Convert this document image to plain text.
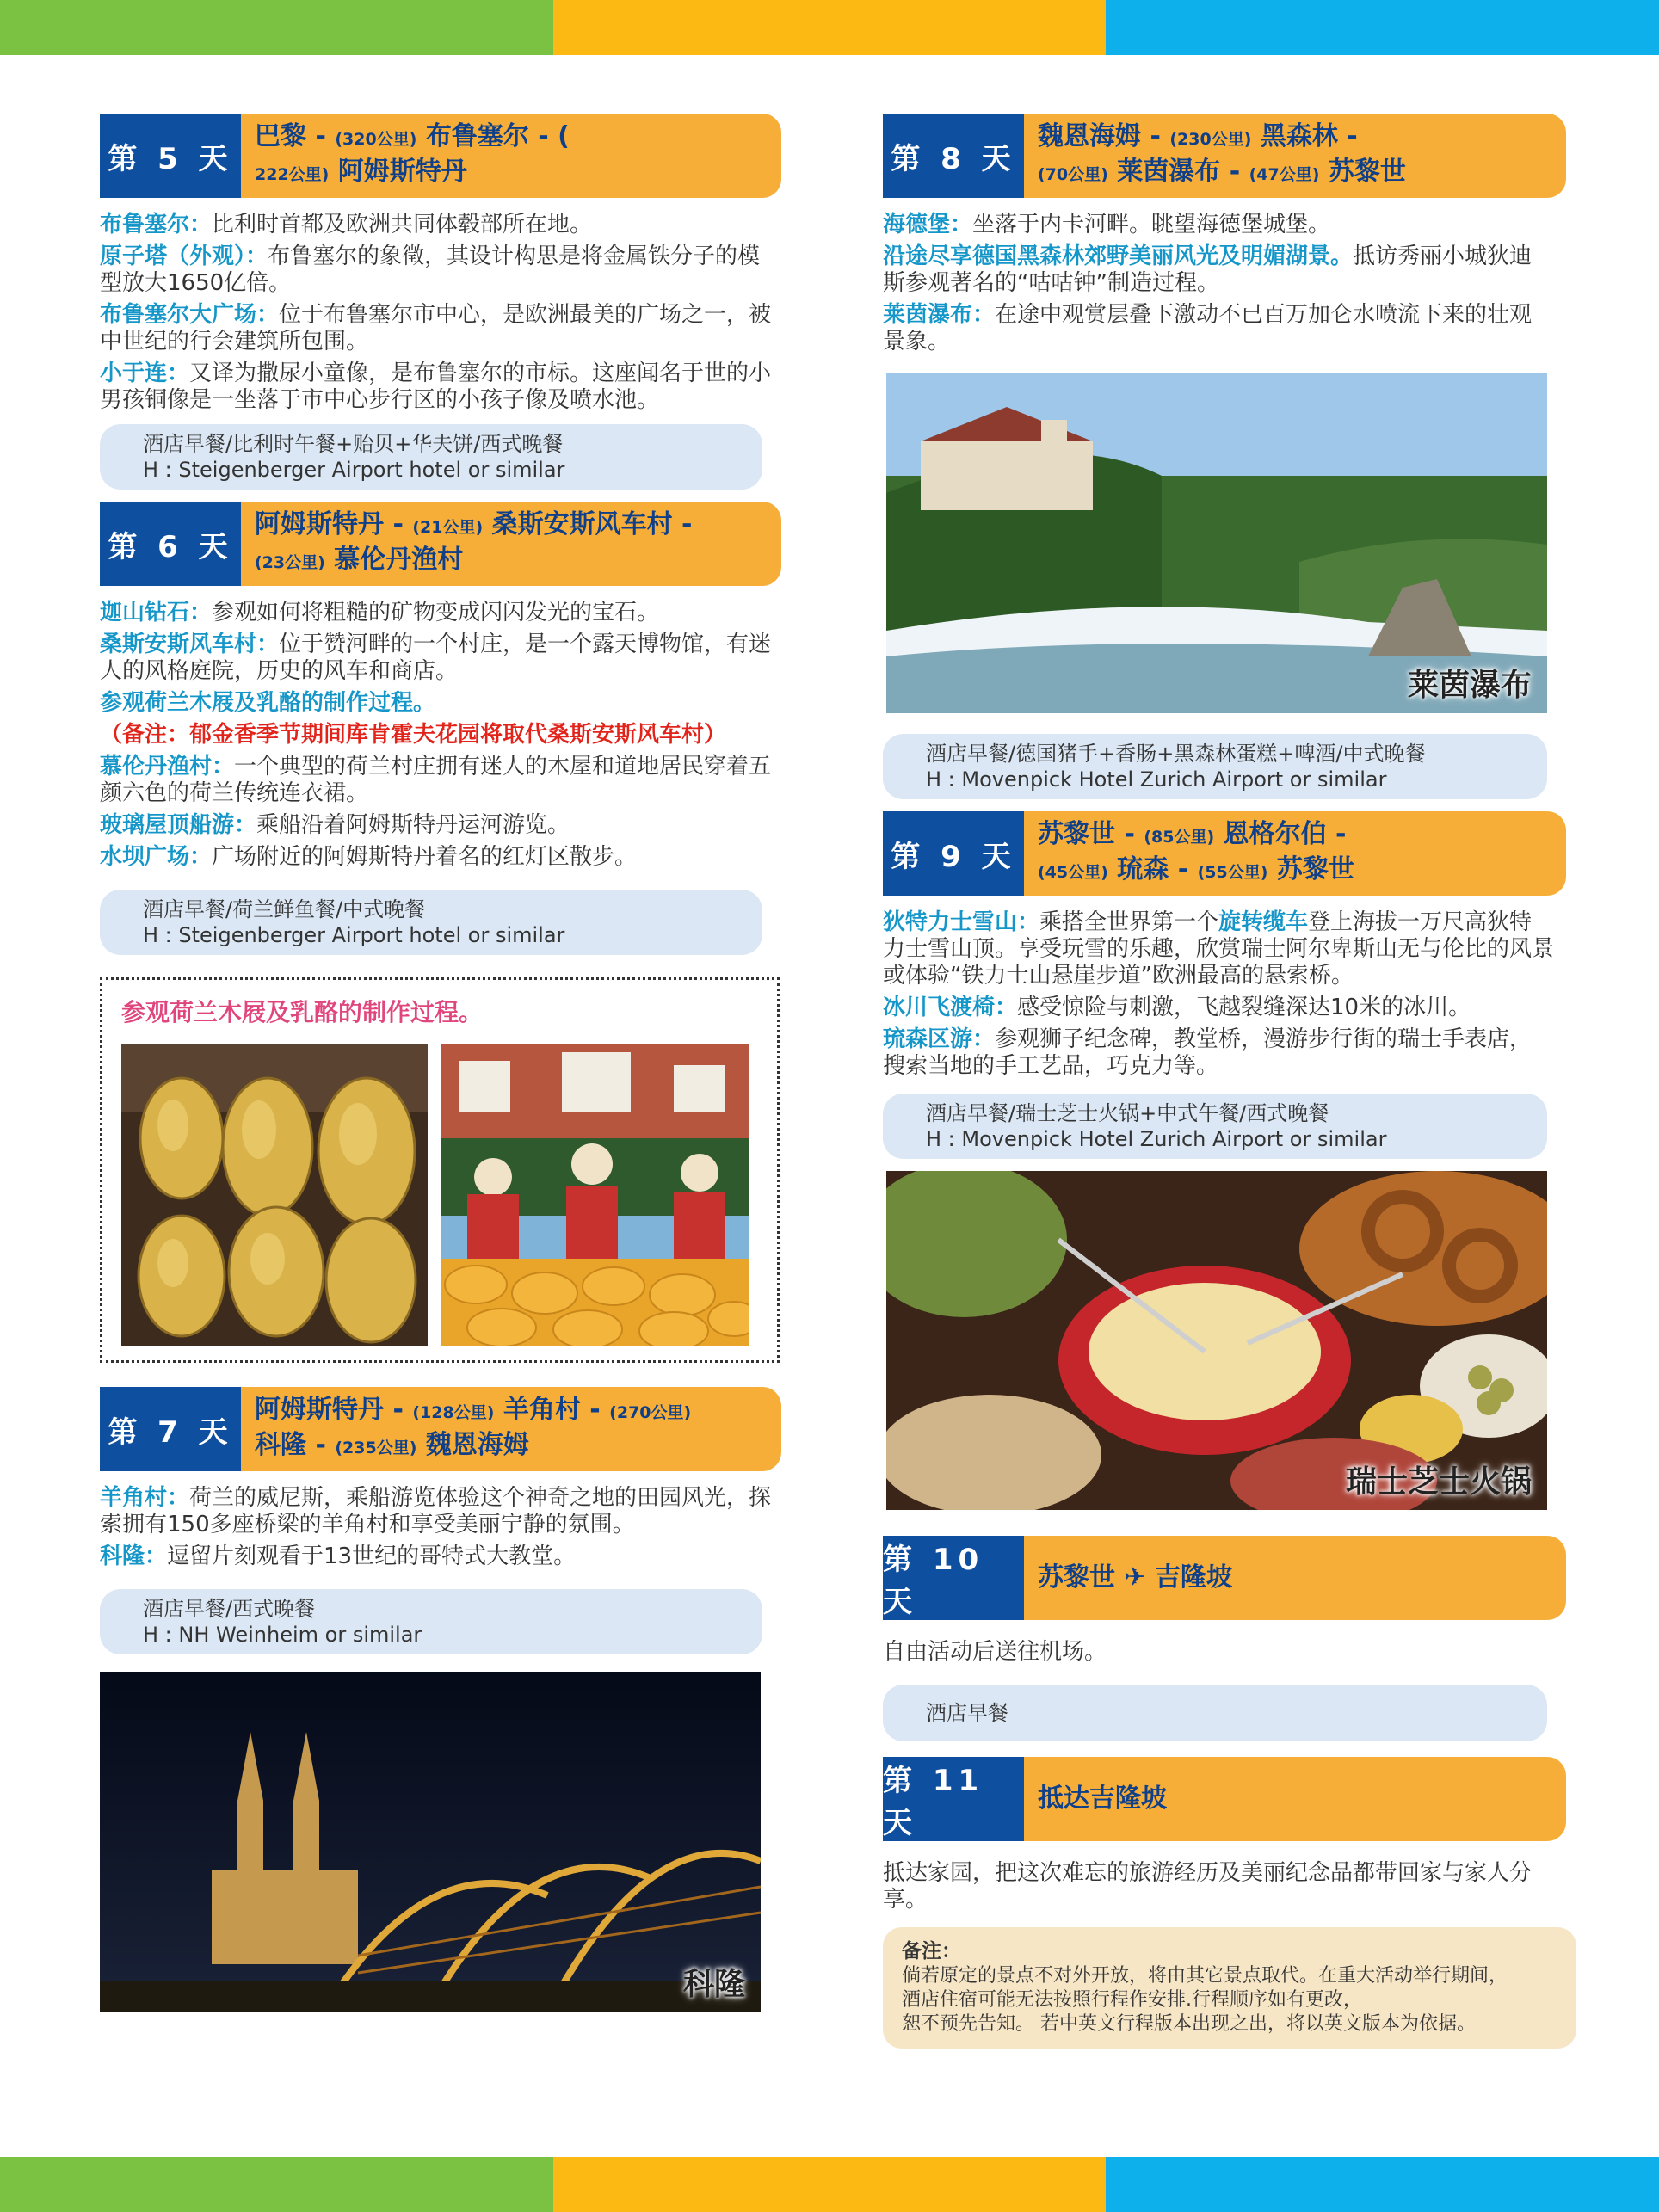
第 5 天
巴黎 - (320公里) 布鲁塞尔 - (
222公里) 阿姆斯特丹

布鲁塞尔：比利时首都及欧洲共同体毂部所在地。

原子塔（外观）：布鲁塞尔的象徵，其设计构思是将金属铁分子的模型放大1650亿倍。

布鲁塞尔大广场：位于布鲁塞尔市中心，是欧洲最美的广场之一，被中世纪的行会建筑所包围。

小于连：又译为撒尿小童像，是布鲁塞尔的市标。这座闻名于世的小男孩铜像是一坐落于市中心步行区的小孩子像及喷水池。

酒店早餐/比利时午餐+贻贝+华夫饼/西式晚餐
H : Steigenberger Airport hotel or similar
第 6 天
阿姆斯特丹 - (21公里) 桑斯安斯风车村 -
(23公里) 慕伦丹渔村

迦山钻石：参观如何将粗糙的矿物变成闪闪发光的宝石。

桑斯安斯风车村：位于赞河畔的一个村庄，是一个露天博物馆，有迷人的风格庭院，历史的风车和商店。

参观荷兰木屐及乳酪的制作过程。

（备注：郁金香季节期间库肯霍夫花园将取代桑斯安斯风车村）

慕伦丹渔村：一个典型的荷兰村庄拥有迷人的木屋和道地居民穿着五颜六色的荷兰传统连衣裙。

玻璃屋顶船游：乘船沿着阿姆斯特丹运河游览。

水坝广场：广场附近的阿姆斯特丹着名的红灯区散步。

酒店早餐/荷兰鲜鱼餐/中式晚餐
H : Steigenberger Airport hotel or similar
参观荷兰木屐及乳酪的制作过程。
第 7 天
阿姆斯特丹 - (128公里) 羊角村 - (270公里)
科隆 - (235公里) 魏恩海姆

羊角村：荷兰的威尼斯，乘船游览体验这个神奇之地的田园风光，探索拥有150多座桥梁的羊角村和享受美丽宁静的氛围。

科隆：逗留片刻观看于13世纪的哥特式大教堂。

酒店早餐/西式晚餐
H : NH Weinheim or similar
科隆
第 8 天
魏恩海姆 - (230公里) 黑森林 -
(70公里) 莱茵瀑布 - (47公里) 苏黎世

海德堡：坐落于内卡河畔。眺望海德堡城堡。

沿途尽享德国黑森林郊野美丽风光及明媚湖景。抵访秀丽小城狄迪斯参观著名的“咕咕钟”制造过程。

莱茵瀑布：在途中观赏层叠下激动不已百万加仑水喷流下来的壮观景象。

莱茵瀑布
酒店早餐/德国猪手+香肠+黑森林蛋糕+啤酒/中式晚餐
H : Movenpick Hotel Zurich Airport or similar
第 9 天
苏黎世 - (85公里) 恩格尔伯 -
(45公里) 琉森 - (55公里) 苏黎世

狄特力士雪山：乘搭全世界第一个旋转缆车登上海拔一万尺高狄特力士雪山顶。享受玩雪的乐趣，欣赏瑞士阿尔卑斯山无与伦比的风景或体验“铁力士山悬崖步道”欧洲最高的悬索桥。

冰川飞渡椅：感受惊险与刺激，飞越裂缝深达10米的冰川。

琉森区游：参观狮子纪念碑，教堂桥，漫游步行街的瑞士手表店，搜索当地的手工艺品，巧克力等。

酒店早餐/瑞士芝士火锅+中式午餐/西式晚餐
H : Movenpick Hotel Zurich Airport or similar
瑞士芝士火锅
第 10 天
苏黎世 ✈ 吉隆坡

自由活动后送往机场。

酒店早餐
第 11 天
抵达吉隆坡

抵达家园，把这次难忘的旅游经历及美丽纪念品都带回家与家人分享。

备注：
倘若原定的景点不对外开放，将由其它景点取代。在重大活动举行期间，
酒店住宿可能无法按照行程作安排.行程顺序如有更改，
恕不预先告知。 若中英文行程版本出现之出，将以英文版本为依据。
